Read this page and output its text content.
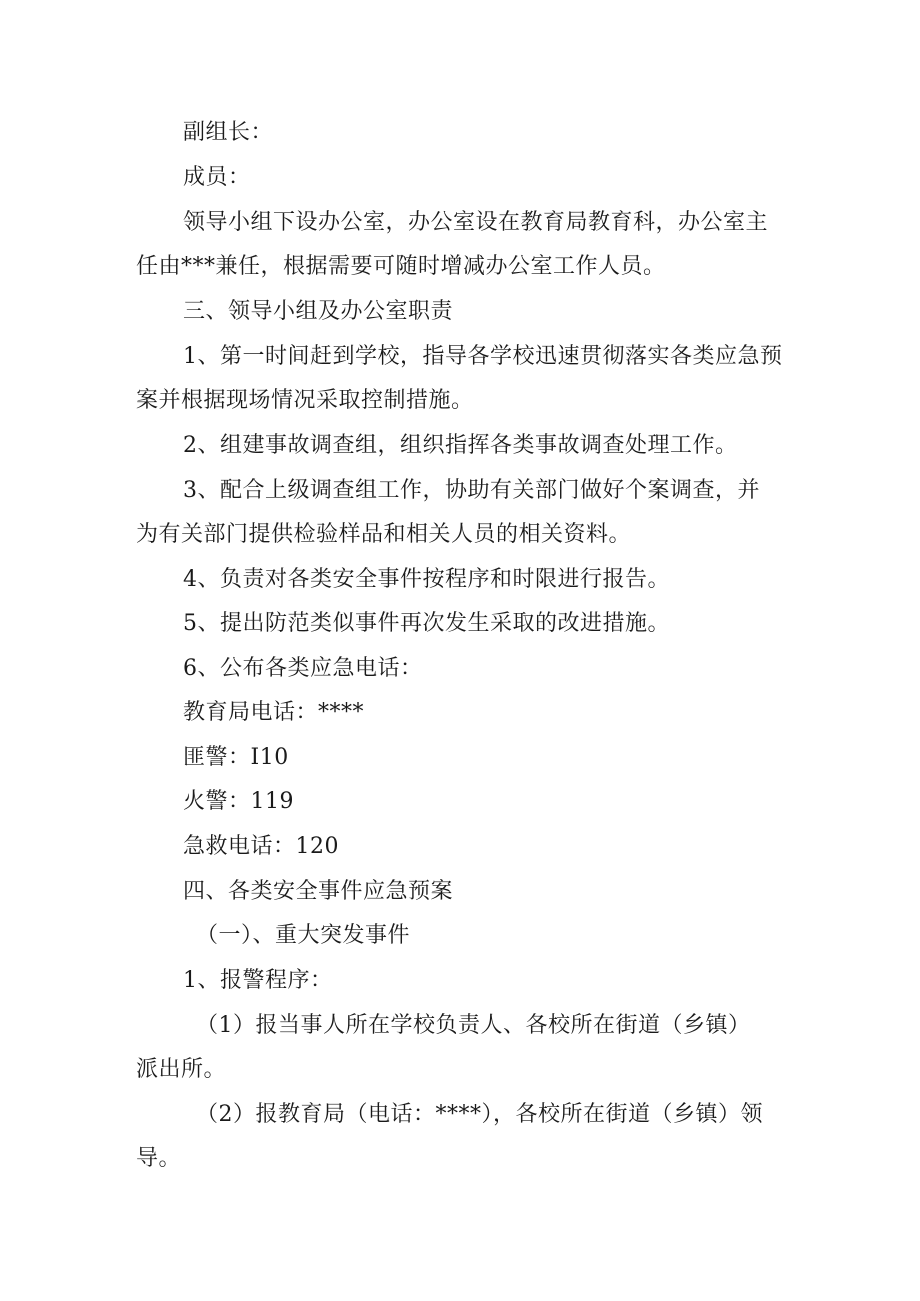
副组长：
成员：
领导小组下设办公室，办公室设在教育局教育科，办公室主
任由***兼任，根据需要可随时增减办公室工作人员。
三、领导小组及办公室职责
1、第一时间赶到学校，指导各学校迅速贯彻落实各类应急预
案并根据现场情况采取控制措施。
2、组建事故调查组，组织指挥各类事故调查处理工作。
3、配合上级调查组工作，协助有关部门做好个案调查，并
为有关部门提供检验样品和相关人员的相关资料。
4、负责对各类安全事件按程序和时限进行报告。
5、提出防范类似事件再次发生采取的改进措施。
6、公布各类应急电话：
教育局电话：****
匪警：I10
火警：119
急救电话：120
四、各类安全事件应急预案
（一）、重大突发事件
1、报警程序：
（1）报当事人所在学校负责人、各校所在街道（乡镇）
派出所。
（2）报教育局（电话：****），各校所在街道（乡镇）领
导。
